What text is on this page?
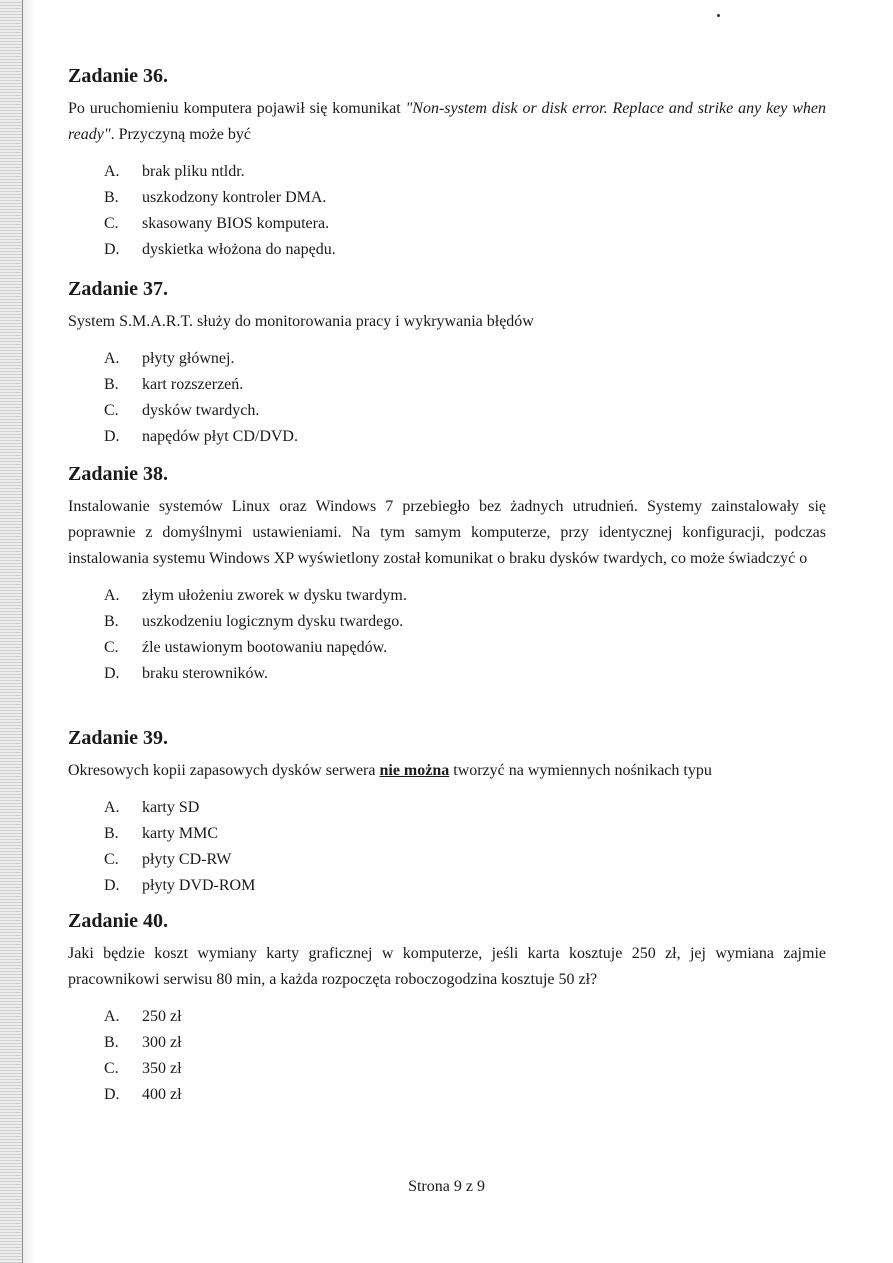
Zadanie 36.

Po uruchomieniu komputera pojawił się komunikat "Non-system disk or disk error. Replace and strike any key when ready". Przyczyną może być

A.	brak pliku ntldr.
B.	uszkodzony kontroler DMA.
C.	skasowany BIOS komputera.
D.	dyskietka włożona do napędu.
Zadanie 37.

System S.M.A.R.T. służy do monitorowania pracy i wykrywania błędów

A.	płyty głównej.
B.	kart rozszerzeń.
C.	dysków twardych.
D.	napędów płyt CD/DVD.
Zadanie 38.

Instalowanie systemów Linux oraz Windows 7 przebiegło bez żadnych utrudnień. Systemy zainstalowały się poprawnie z domyślnymi ustawieniami. Na tym samym komputerze, przy identycznej konfiguracji, podczas instalowania systemu Windows XP wyświetlony został komunikat o braku dysków twardych, co może świadczyć o

A.	złym ułożeniu zworek w dysku twardym.
B.	uszkodzeniu logicznym dysku twardego.
C.	źle ustawionym bootowaniu napędów.
D.	braku sterowników.
Zadanie 39.

Okresowych kopii zapasowych dysków serwera nie można tworzyć na wymiennych nośnikach typu

A.	karty SD
B.	karty MMC
C.	płyty CD-RW
D.	płyty DVD-ROM
Zadanie 40.

Jaki będzie koszt wymiany karty graficznej w komputerze, jeśli karta kosztuje 250 zł, jej wymiana zajmie pracownikowi serwisu 80 min, a każda rozpoczęta roboczogodzina kosztuje 50 zł?

A.	250 zł
B.	300 zł
C.	350 zł
D.	400 zł
Strona 9 z 9
